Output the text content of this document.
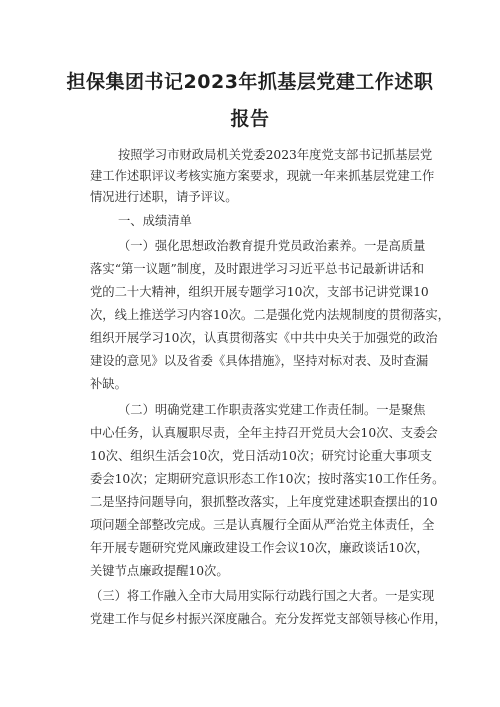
担保集团书记2023年抓基层党建工作述职
报告
按照学习市财政局机关党委2023年度党支部书记抓基层党
建工作述职评议考核实施方案要求，现就一年来抓基层党建工作
情况进行述职，请予评议。
一、成绩清单
（一）强化思想政治教育提升党员政治素养。一是高质量
落实“第一议题”制度，及时跟进学习习近平总书记最新讲话和
党的二十大精神，组织开展专题学习10次，支部书记讲党课10
次，线上推送学习内容10次。二是强化党内法规制度的贯彻落实，
组织开展学习10次，认真贯彻落实《中共中央关于加强党的政治
建设的意见》以及省委《具体措施》，坚持对标对表、及时查漏
补缺。
（二）明确党建工作职责落实党建工作责任制。一是聚焦
中心任务，认真履职尽责，全年主持召开党员大会10次、支委会
10次、组织生活会10次，党日活动10次；研究讨论重大事项支
委会10次；定期研究意识形态工作10次；按时落实10工作任务。
二是坚持问题导向，狠抓整改落实，上年度党建述职查摆出的10
项问题全部整改完成。三是认真履行全面从严治党主体责任，全
年开展专题研究党风廉政建设工作会议10次，廉政谈话10次，
关键节点廉政提醒10次。
（三）将工作融入全市大局用实际行动践行国之大者。一是实现
党建工作与促乡村振兴深度融合。充分发挥党支部领导核心作用，
